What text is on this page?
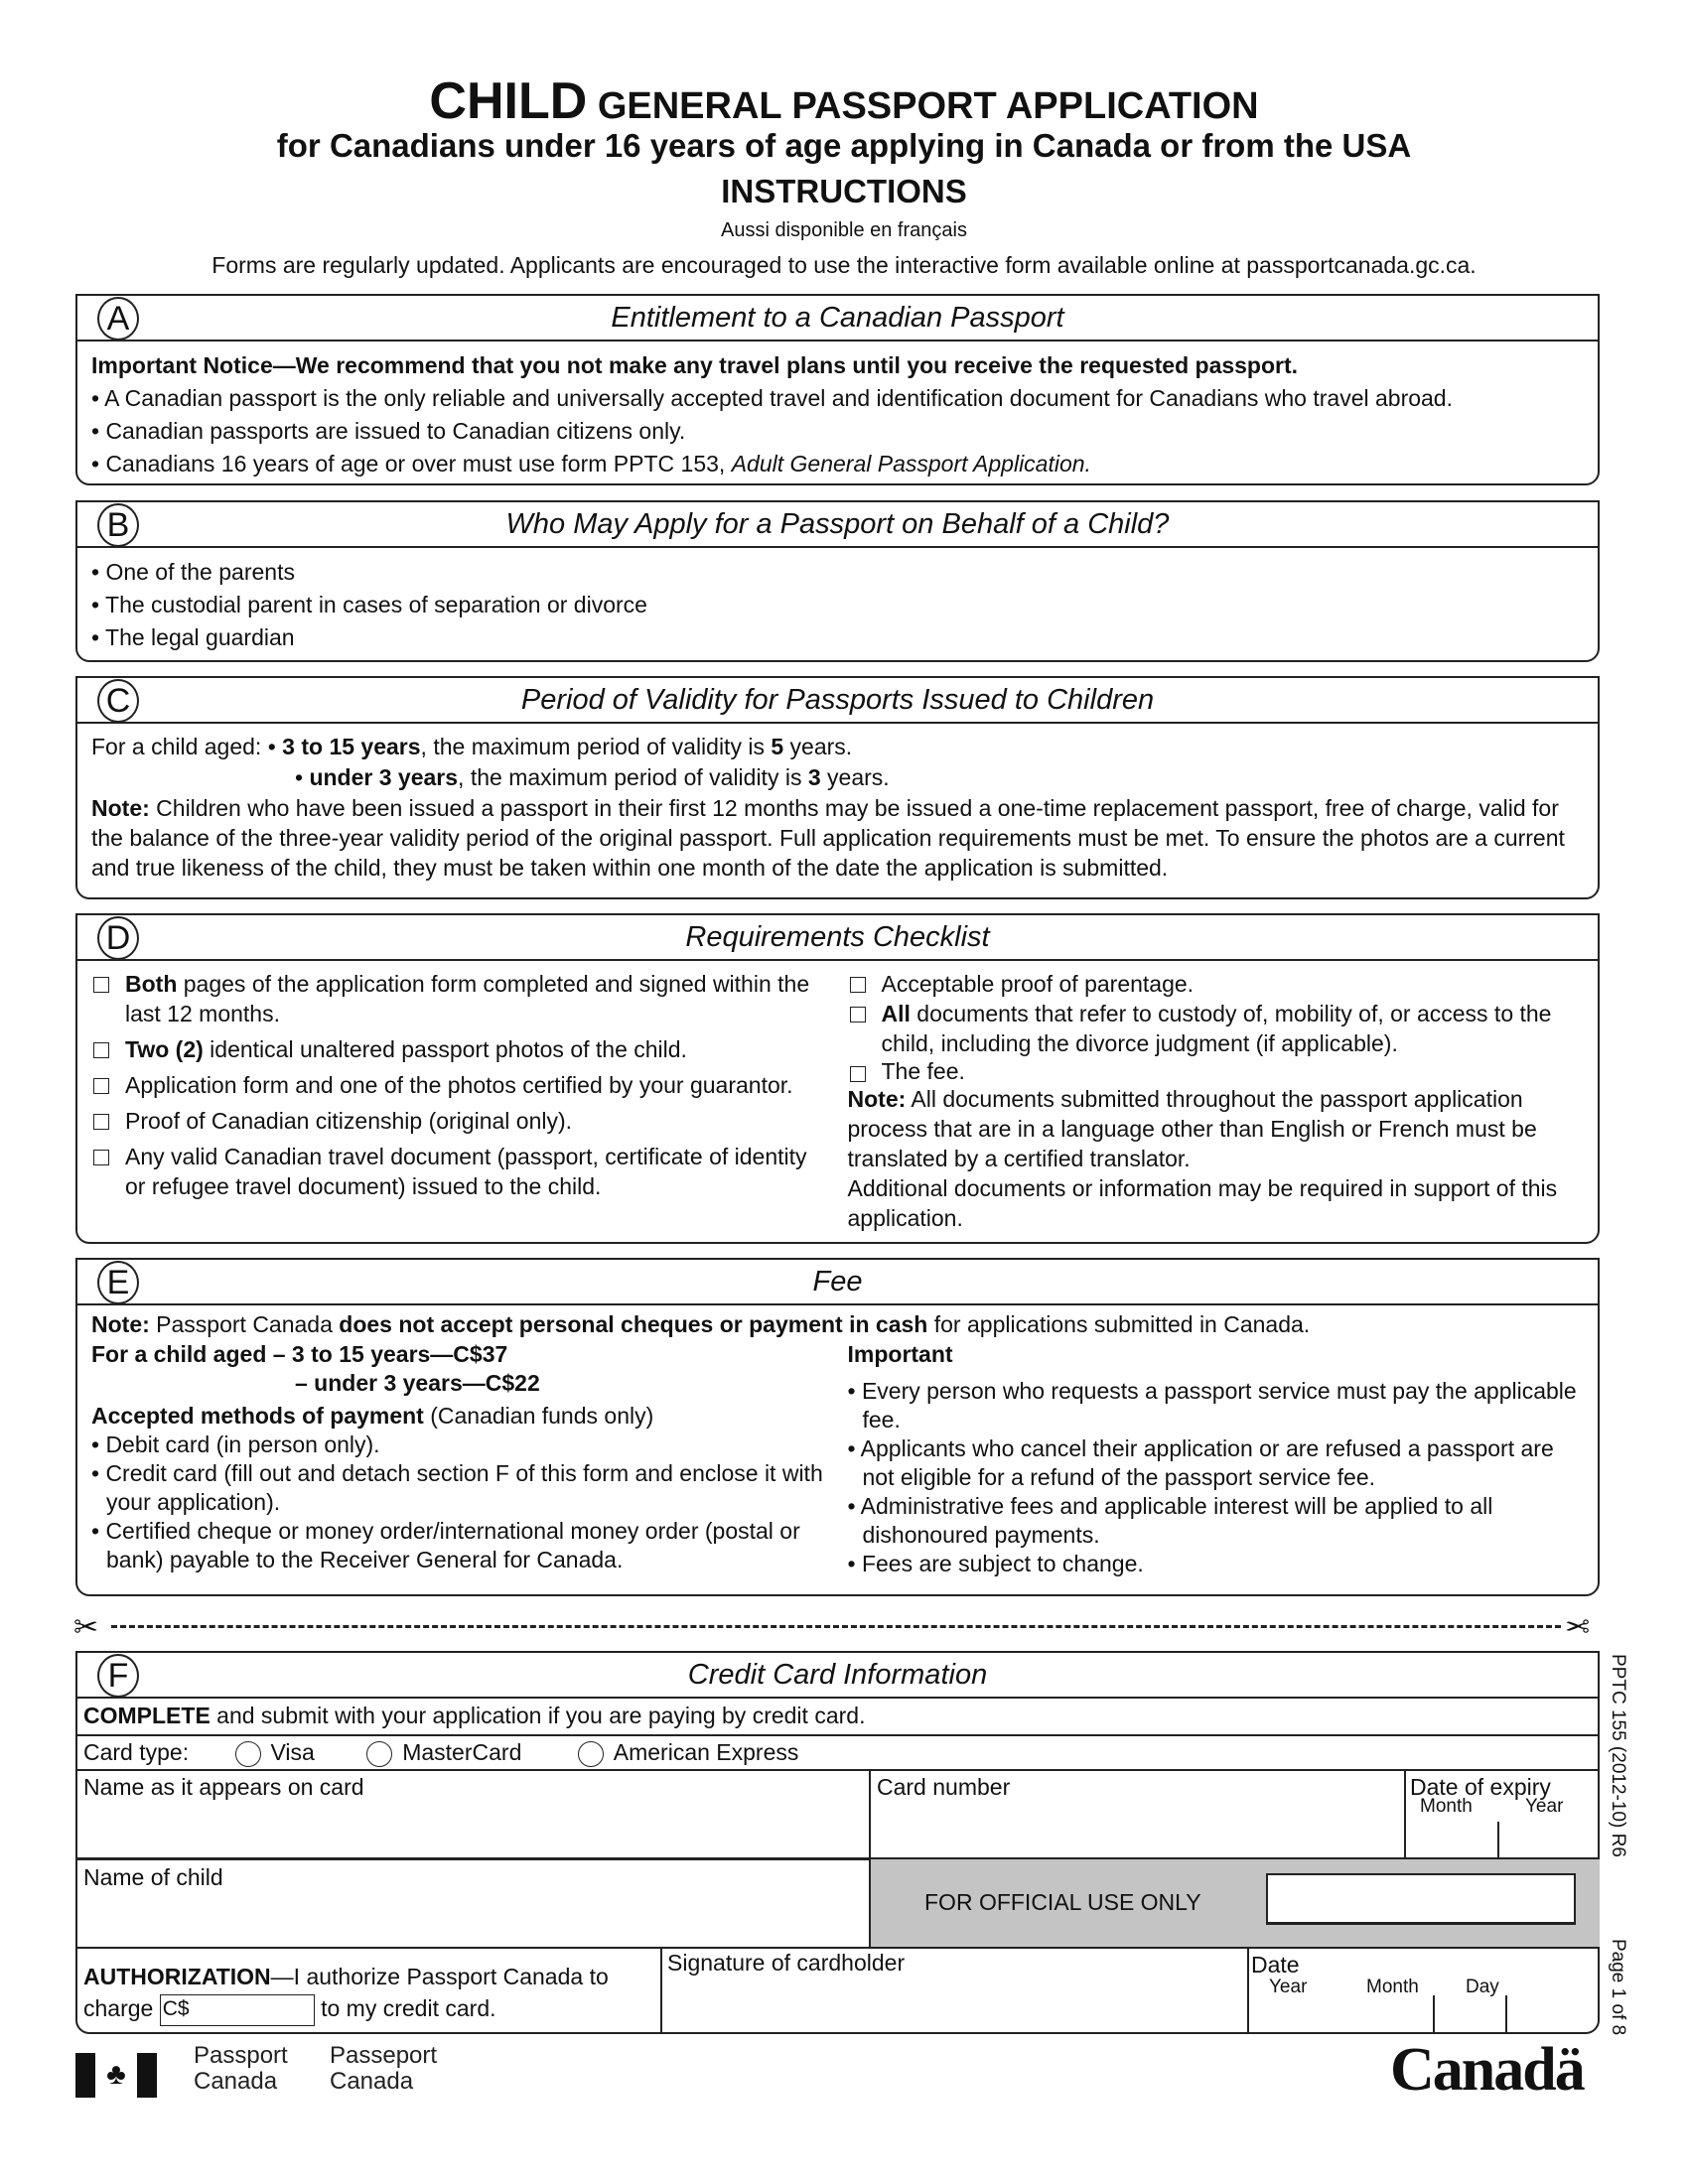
CHILD GENERAL PASSPORT APPLICATION
for Canadians under 16 years of age applying in Canada or from the USA
INSTRUCTIONS
Aussi disponible en français
Forms are regularly updated. Applicants are encouraged to use the interactive form available online at passportcanada.gc.ca.
A	Entitlement to a Canadian Passport

Important Notice—We recommend that you not make any travel plans until you receive the requested passport.

• A Canadian passport is the only reliable and universally accepted travel and identification document for Canadians who travel abroad.

• Canadian passports are issued to Canadian citizens only.

• Canadians 16 years of age or over must use form PPTC 153, Adult General Passport Application.

B	Who May Apply for a Passport on Behalf of a Child?

• One of the parents

• The custodial parent in cases of separation or divorce

• The legal guardian

C	Period of Validity for Passports Issued to Children

For a child aged: • 3 to 15 years, the maximum period of validity is 5 years.

• under 3 years, the maximum period of validity is 3 years.

Note: Children who have been issued a passport in their first 12 months may be issued a one-time replacement passport, free of charge, valid for the balance of the three-year validity period of the original passport. Full application requirements must be met. To ensure the photos are a current and true likeness of the child, they must be taken within one month of the date the application is submitted.

D	Requirements Checklist
Both pages of the application form completed and signed within the last 12 months.
Two (2) identical unaltered passport photos of the child.
Application form and one of the photos certified by your guarantor.
Proof of Canadian citizenship (original only).
Any valid Canadian travel document (passport, certificate of identity or refugee travel document) issued to the child.
Acceptable proof of parentage.
All documents that refer to custody of, mobility of, or access to the child, including the divorce judgment (if applicable).
The fee.

Note: All documents submitted throughout the passport application process that are in a language other than English or French must be translated by a certified translator.

Additional documents or information may be required in support of this application.

E	Fee

Note: Passport Canada does not accept personal cheques or payment in cash for applications submitted in Canada.

For a child aged – 3 to 15 years—C$37

– under 3 years—C$22

Accepted methods of payment (Canadian funds only)

• Debit card (in person only).

• Credit card (fill out and detach section F of this form and enclose it with your application).

• Certified cheque or money order/international money order (postal or bank) payable to the Receiver General for Canada.

Important

• Every person who requests a passport service must pay the applicable fee.

• Applicants who cancel their application or are refused a passport are not eligible for a refund of the passport service fee.

• Administrative fees and applicable interest will be applied to all dishonoured payments.

• Fees are subject to change.

✂	✂
F	Credit Card Information
COMPLETE and submit with your application if you are paying by credit card.
Card type:	Visa	MasterCard	American Express
Name as it appears on card	Card number	Date of expiry
Month	Year
Name of child
FOR OFFICIAL USE ONLY
AUTHORIZATION—I authorize Passport Canada to
charge C$	to my credit card.
Signature of cardholder	Date
Year	Month Day
PPTC 155 (2012-10) R6
Page 1 of 8
♣
Passport
Canada
Passeport
Canada	Canadä
